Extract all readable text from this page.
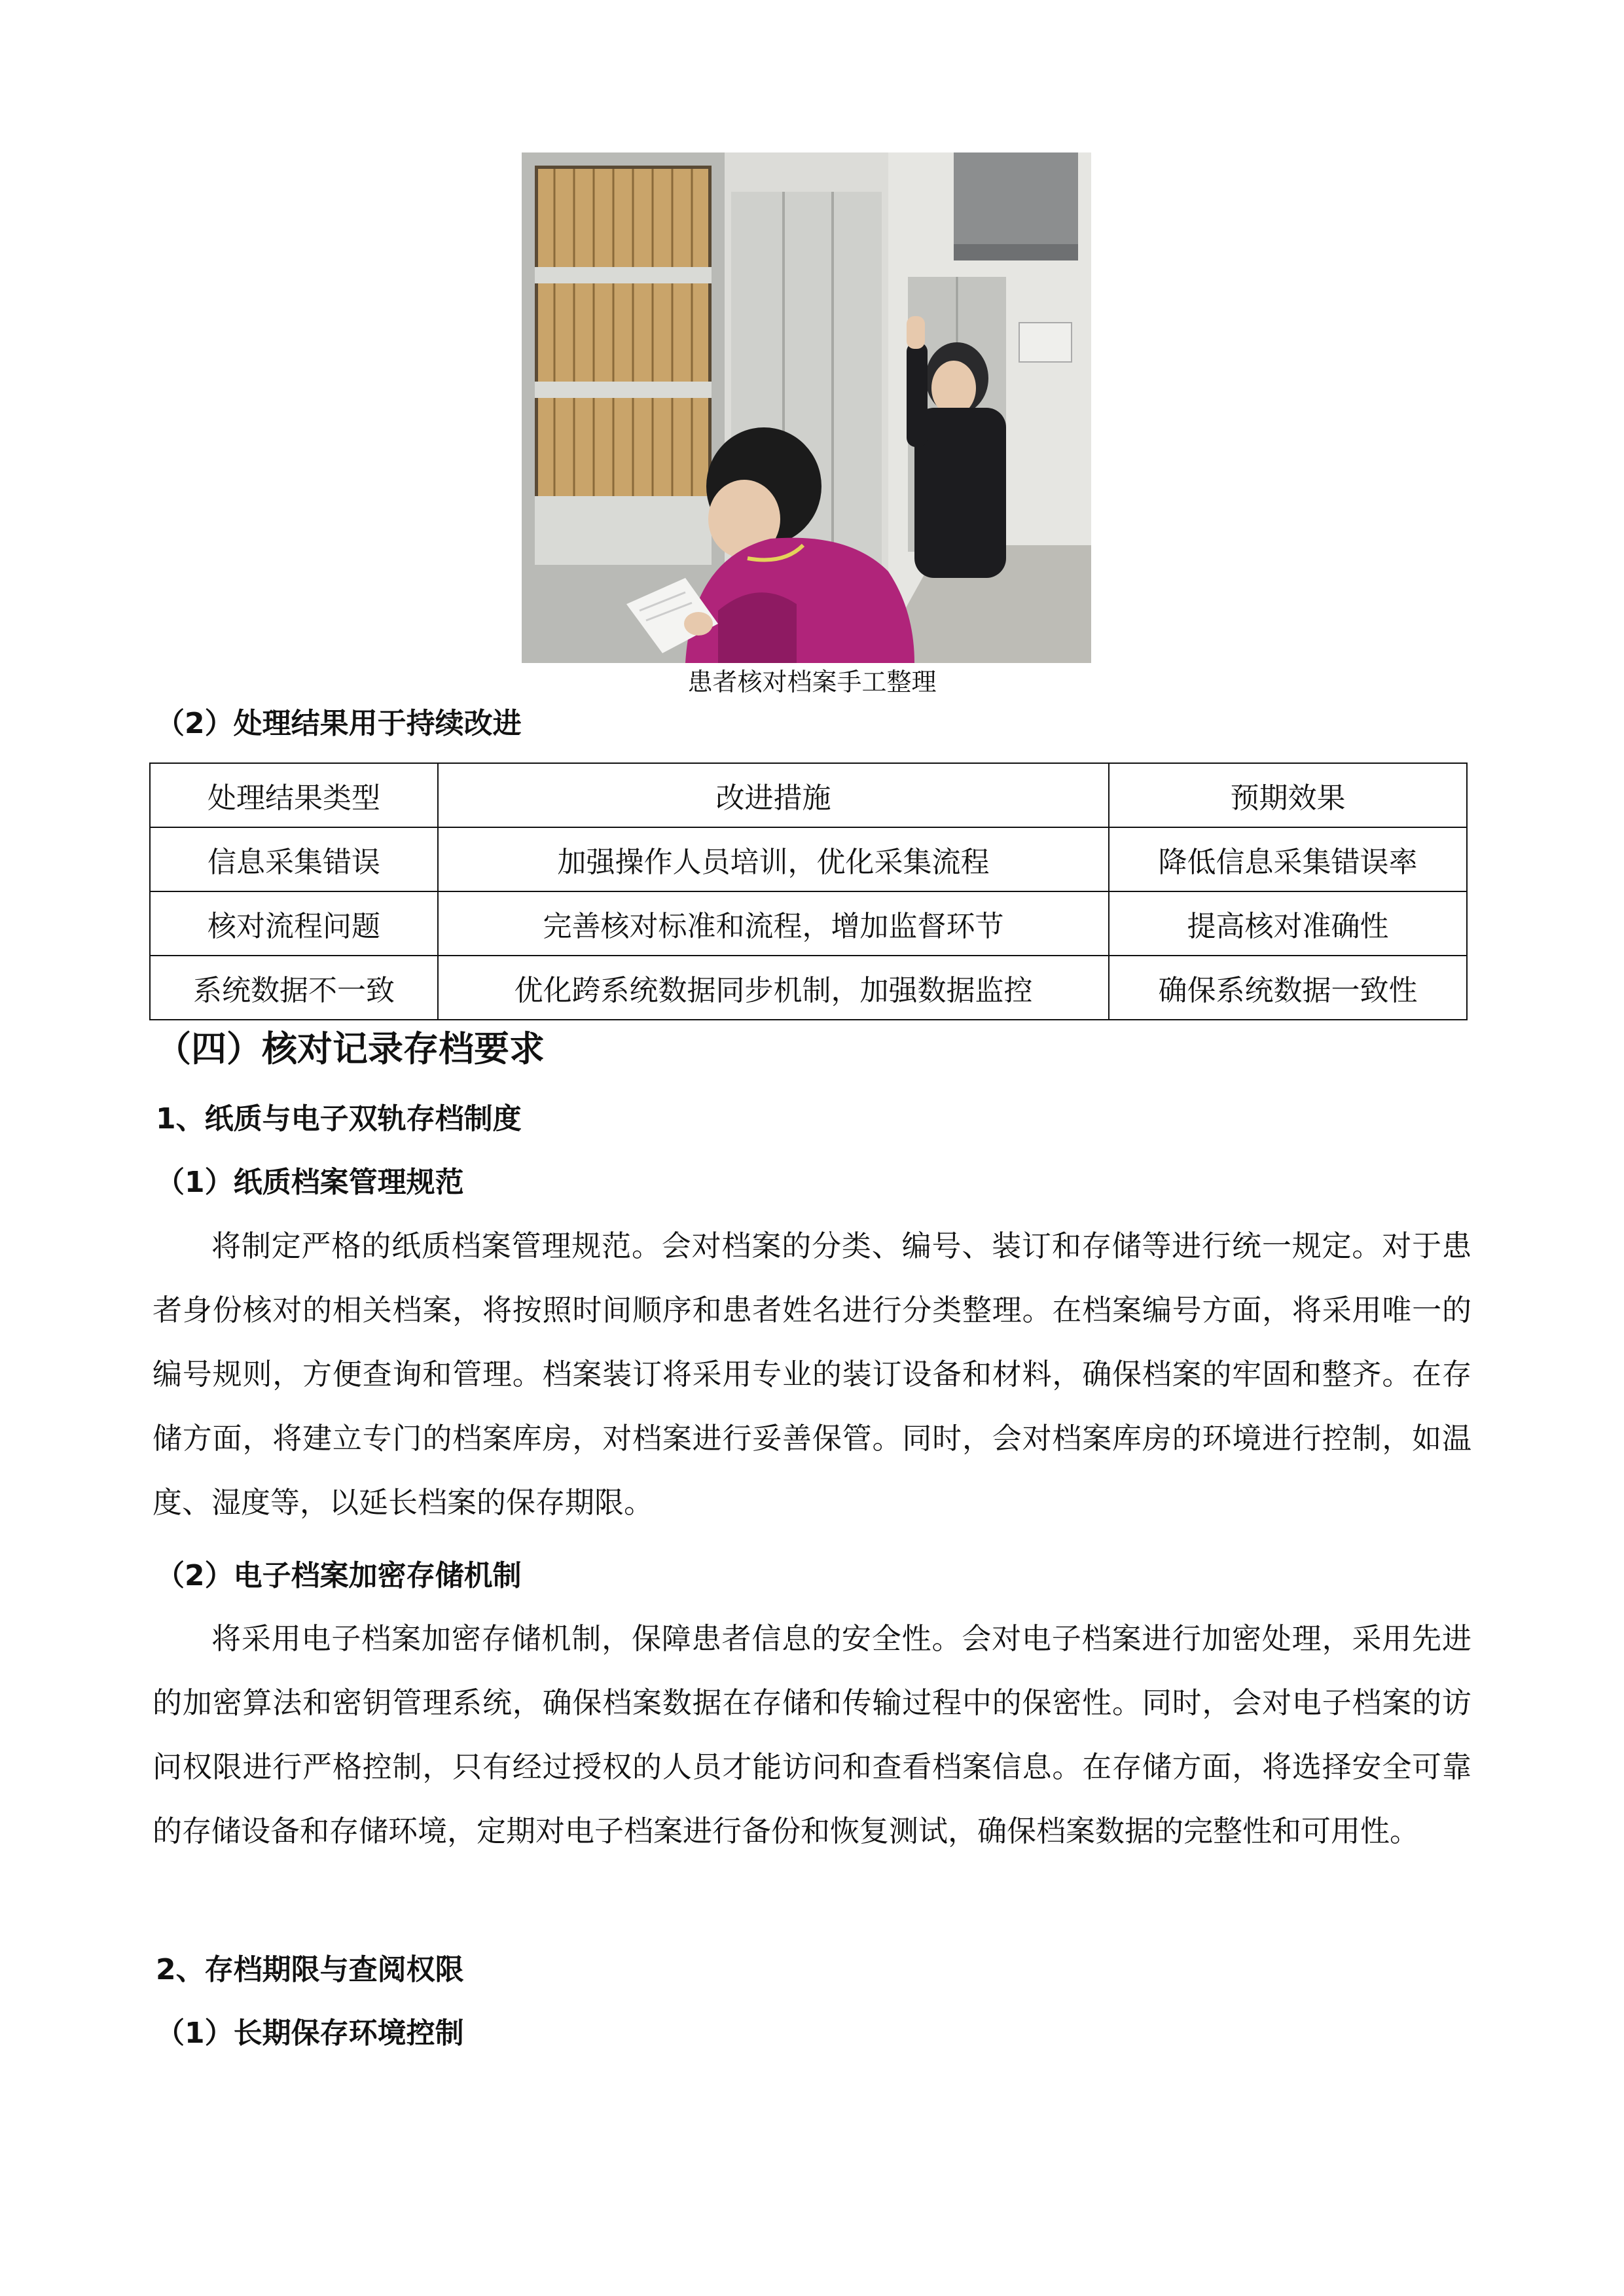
患者核对档案手工整理
（2）处理结果用于持续改进
处理结果类型	改进措施	预期效果
信息采集错误	加强操作人员培训，优化采集流程	降低信息采集错误率
核对流程问题	完善核对标准和流程，增加监督环节	提高核对准确性
系统数据不一致	优化跨系统数据同步机制，加强数据监控	确保系统数据一致性
（四）核对记录存档要求
1、纸质与电子双轨存档制度
（1）纸质档案管理规范
将制定严格的纸质档案管理规范。会对档案的分类、编号、装订和存储等进行统一规定。对于患者身份核对的相关档案，将按照时间顺序和患者姓名进行分类整理。在档案编号方面，将采用唯一的编号规则，方便查询和管理。档案装订将采用专业的装订设备和材料，确保档案的牢固和整齐。在存储方面，将建立专门的档案库房，对档案进行妥善保管。同时，会对档案库房的环境进行控制，如温度、湿度等，以延长档案的保存期限。
（2）电子档案加密存储机制
将采用电子档案加密存储机制，保障患者信息的安全性。会对电子档案进行加密处理，采用先进的加密算法和密钥管理系统，确保档案数据在存储和传输过程中的保密性。同时，会对电子档案的访问权限进行严格控制，只有经过授权的人员才能访问和查看档案信息。在存储方面，将选择安全可靠的存储设备和存储环境，定期对电子档案进行备份和恢复测试，确保档案数据的完整性和可用性。
2、存档期限与查阅权限
（1）长期保存环境控制
